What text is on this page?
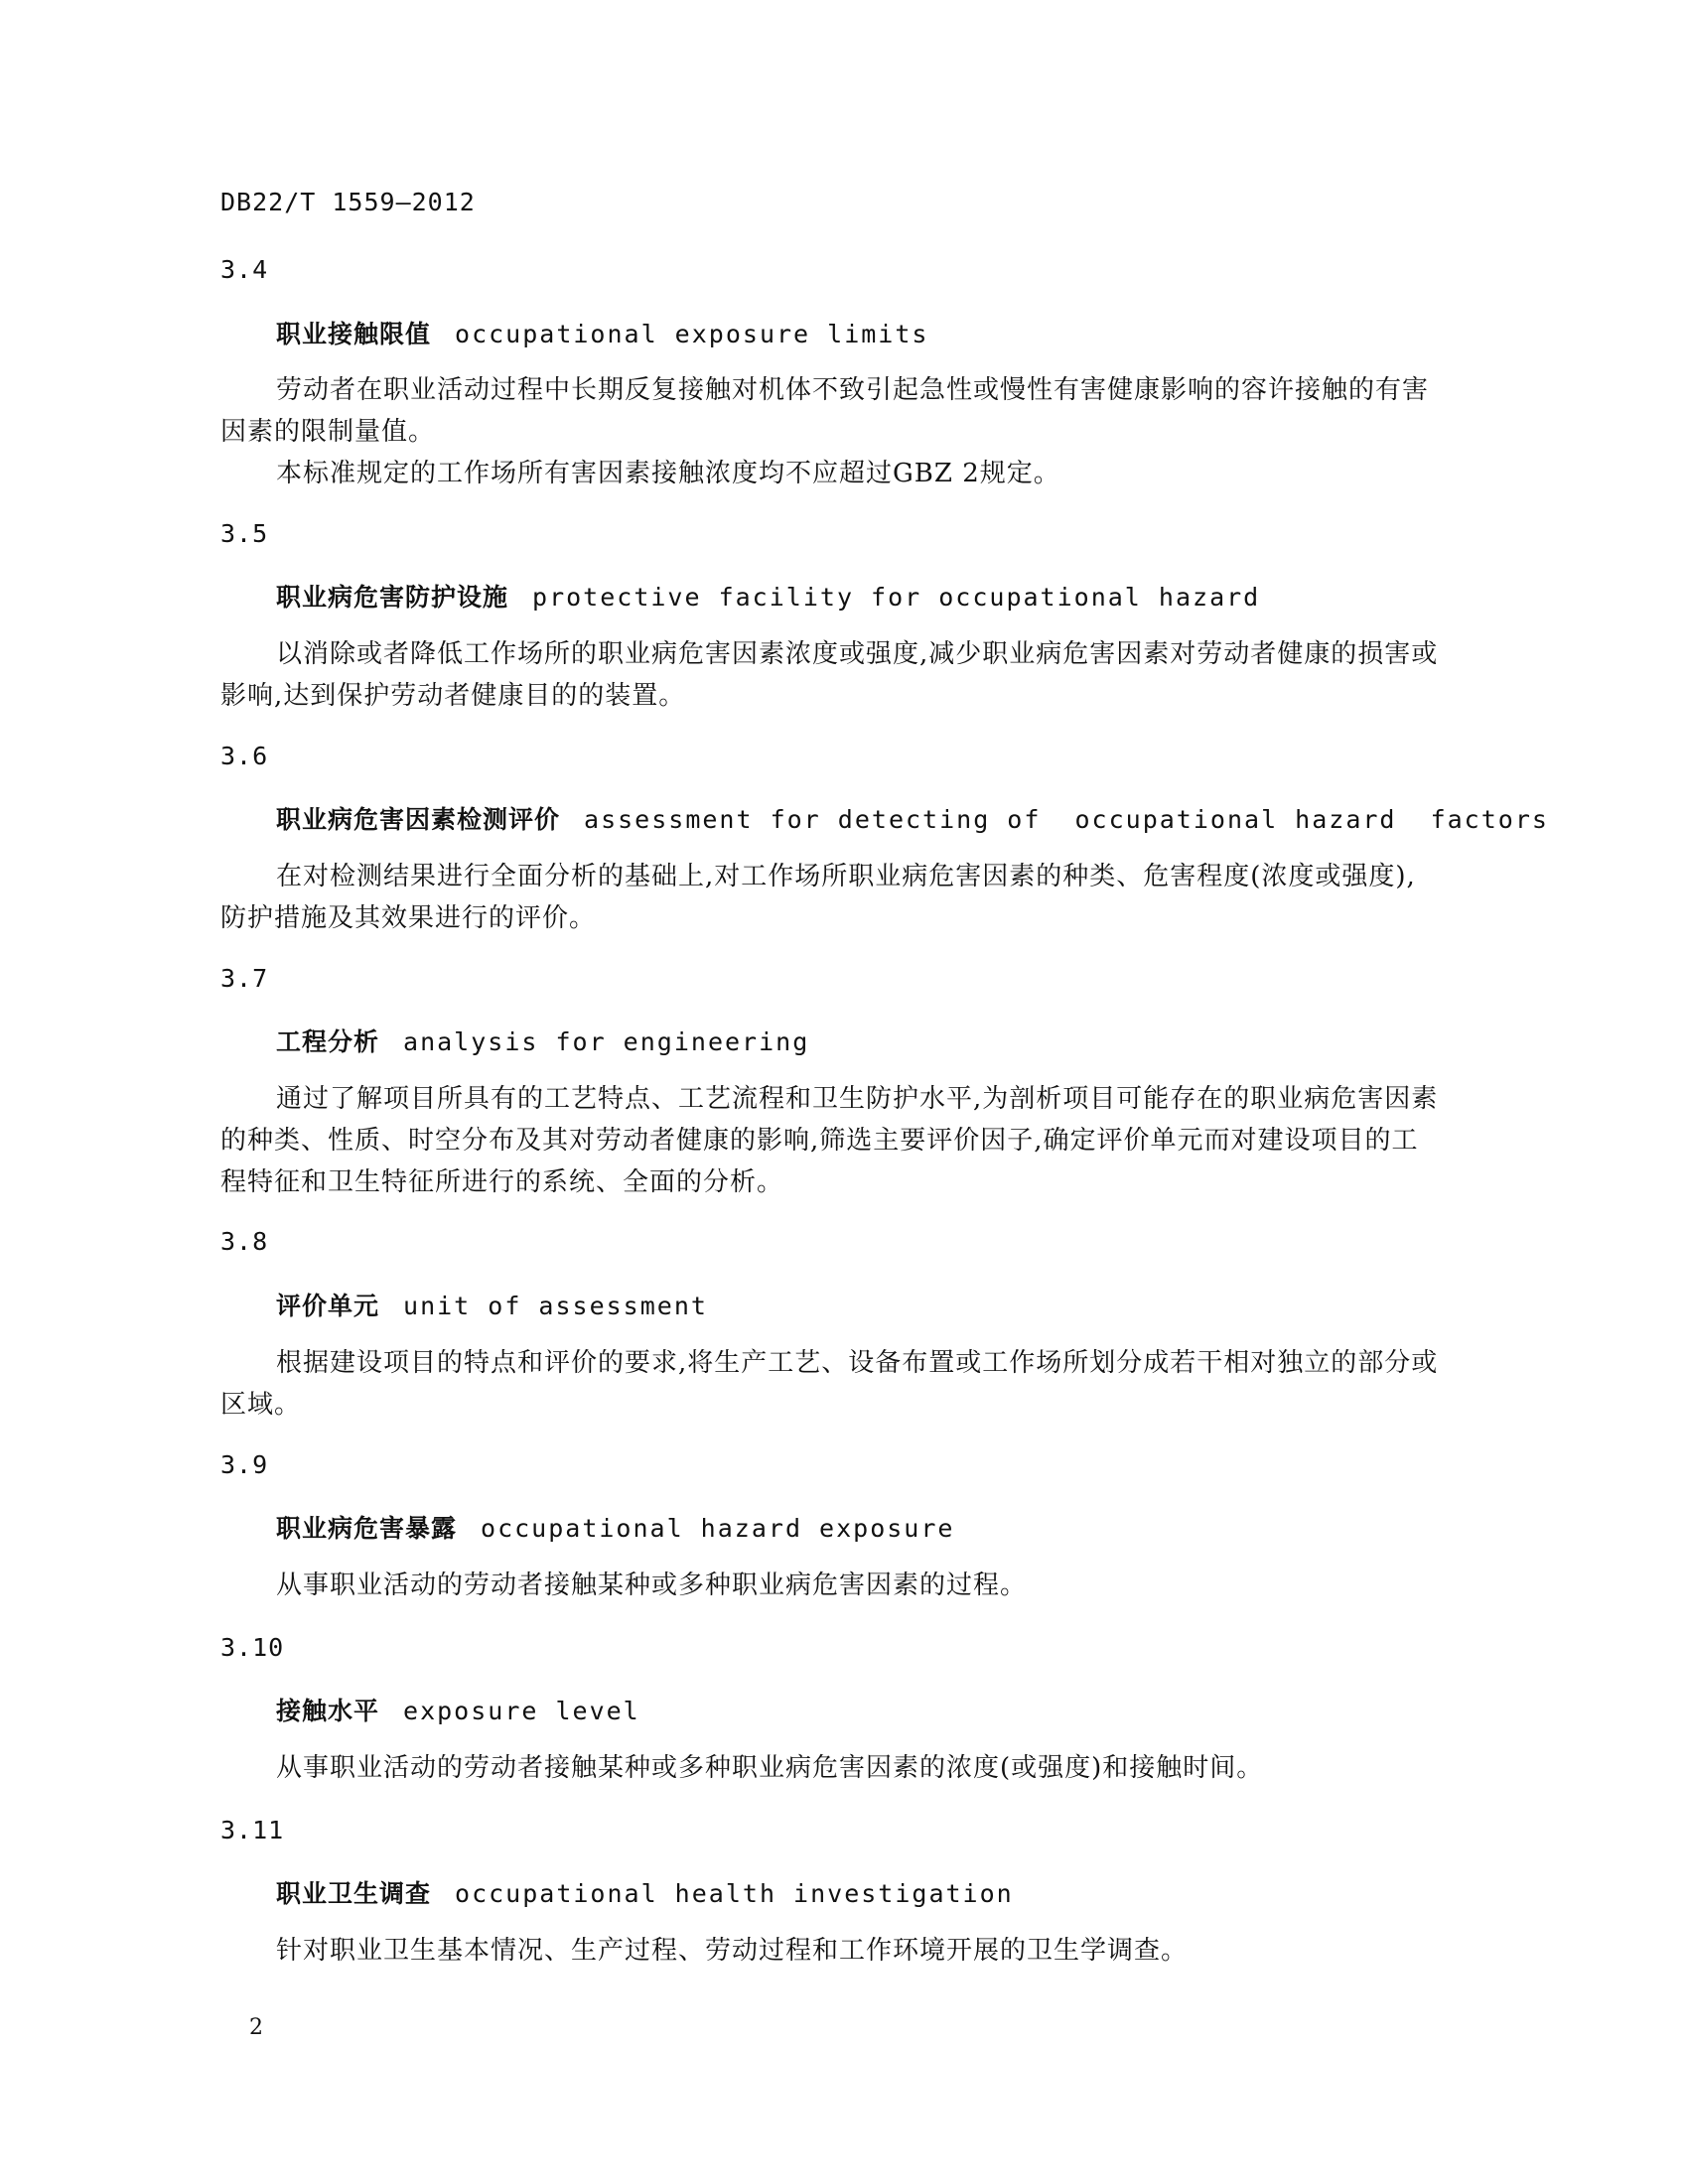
DB22/T 1559—2012
3.4
职业接触限值 occupational exposure limits

劳动者在职业活动过程中长期反复接触对机体不致引起急性或慢性有害健康影响的容许接触的有害因素的限制量值。

本标准规定的工作场所有害因素接触浓度均不应超过GBZ 2规定。

3.5
职业病危害防护设施 protective facility for occupational hazard

以消除或者降低工作场所的职业病危害因素浓度或强度,减少职业病危害因素对劳动者健康的损害或影响,达到保护劳动者健康目的的装置。

3.6
职业病危害因素检测评价 assessment for detecting of  occupational hazard  factors

在对检测结果进行全面分析的基础上,对工作场所职业病危害因素的种类、危害程度(浓度或强度),防护措施及其效果进行的评价。

3.7
工程分析 analysis for engineering

通过了解项目所具有的工艺特点、工艺流程和卫生防护水平,为剖析项目可能存在的职业病危害因素的种类、性质、时空分布及其对劳动者健康的影响,筛选主要评价因子,确定评价单元而对建设项目的工程特征和卫生特征所进行的系统、全面的分析。

3.8
评价单元 unit of assessment

根据建设项目的特点和评价的要求,将生产工艺、设备布置或工作场所划分成若干相对独立的部分或区域。

3.9
职业病危害暴露 occupational hazard exposure

从事职业活动的劳动者接触某种或多种职业病危害因素的过程。

3.10
接触水平 exposure level

从事职业活动的劳动者接触某种或多种职业病危害因素的浓度(或强度)和接触时间。

3.11
职业卫生调查 occupational health investigation

针对职业卫生基本情况、生产过程、劳动过程和工作环境开展的卫生学调查。

2
